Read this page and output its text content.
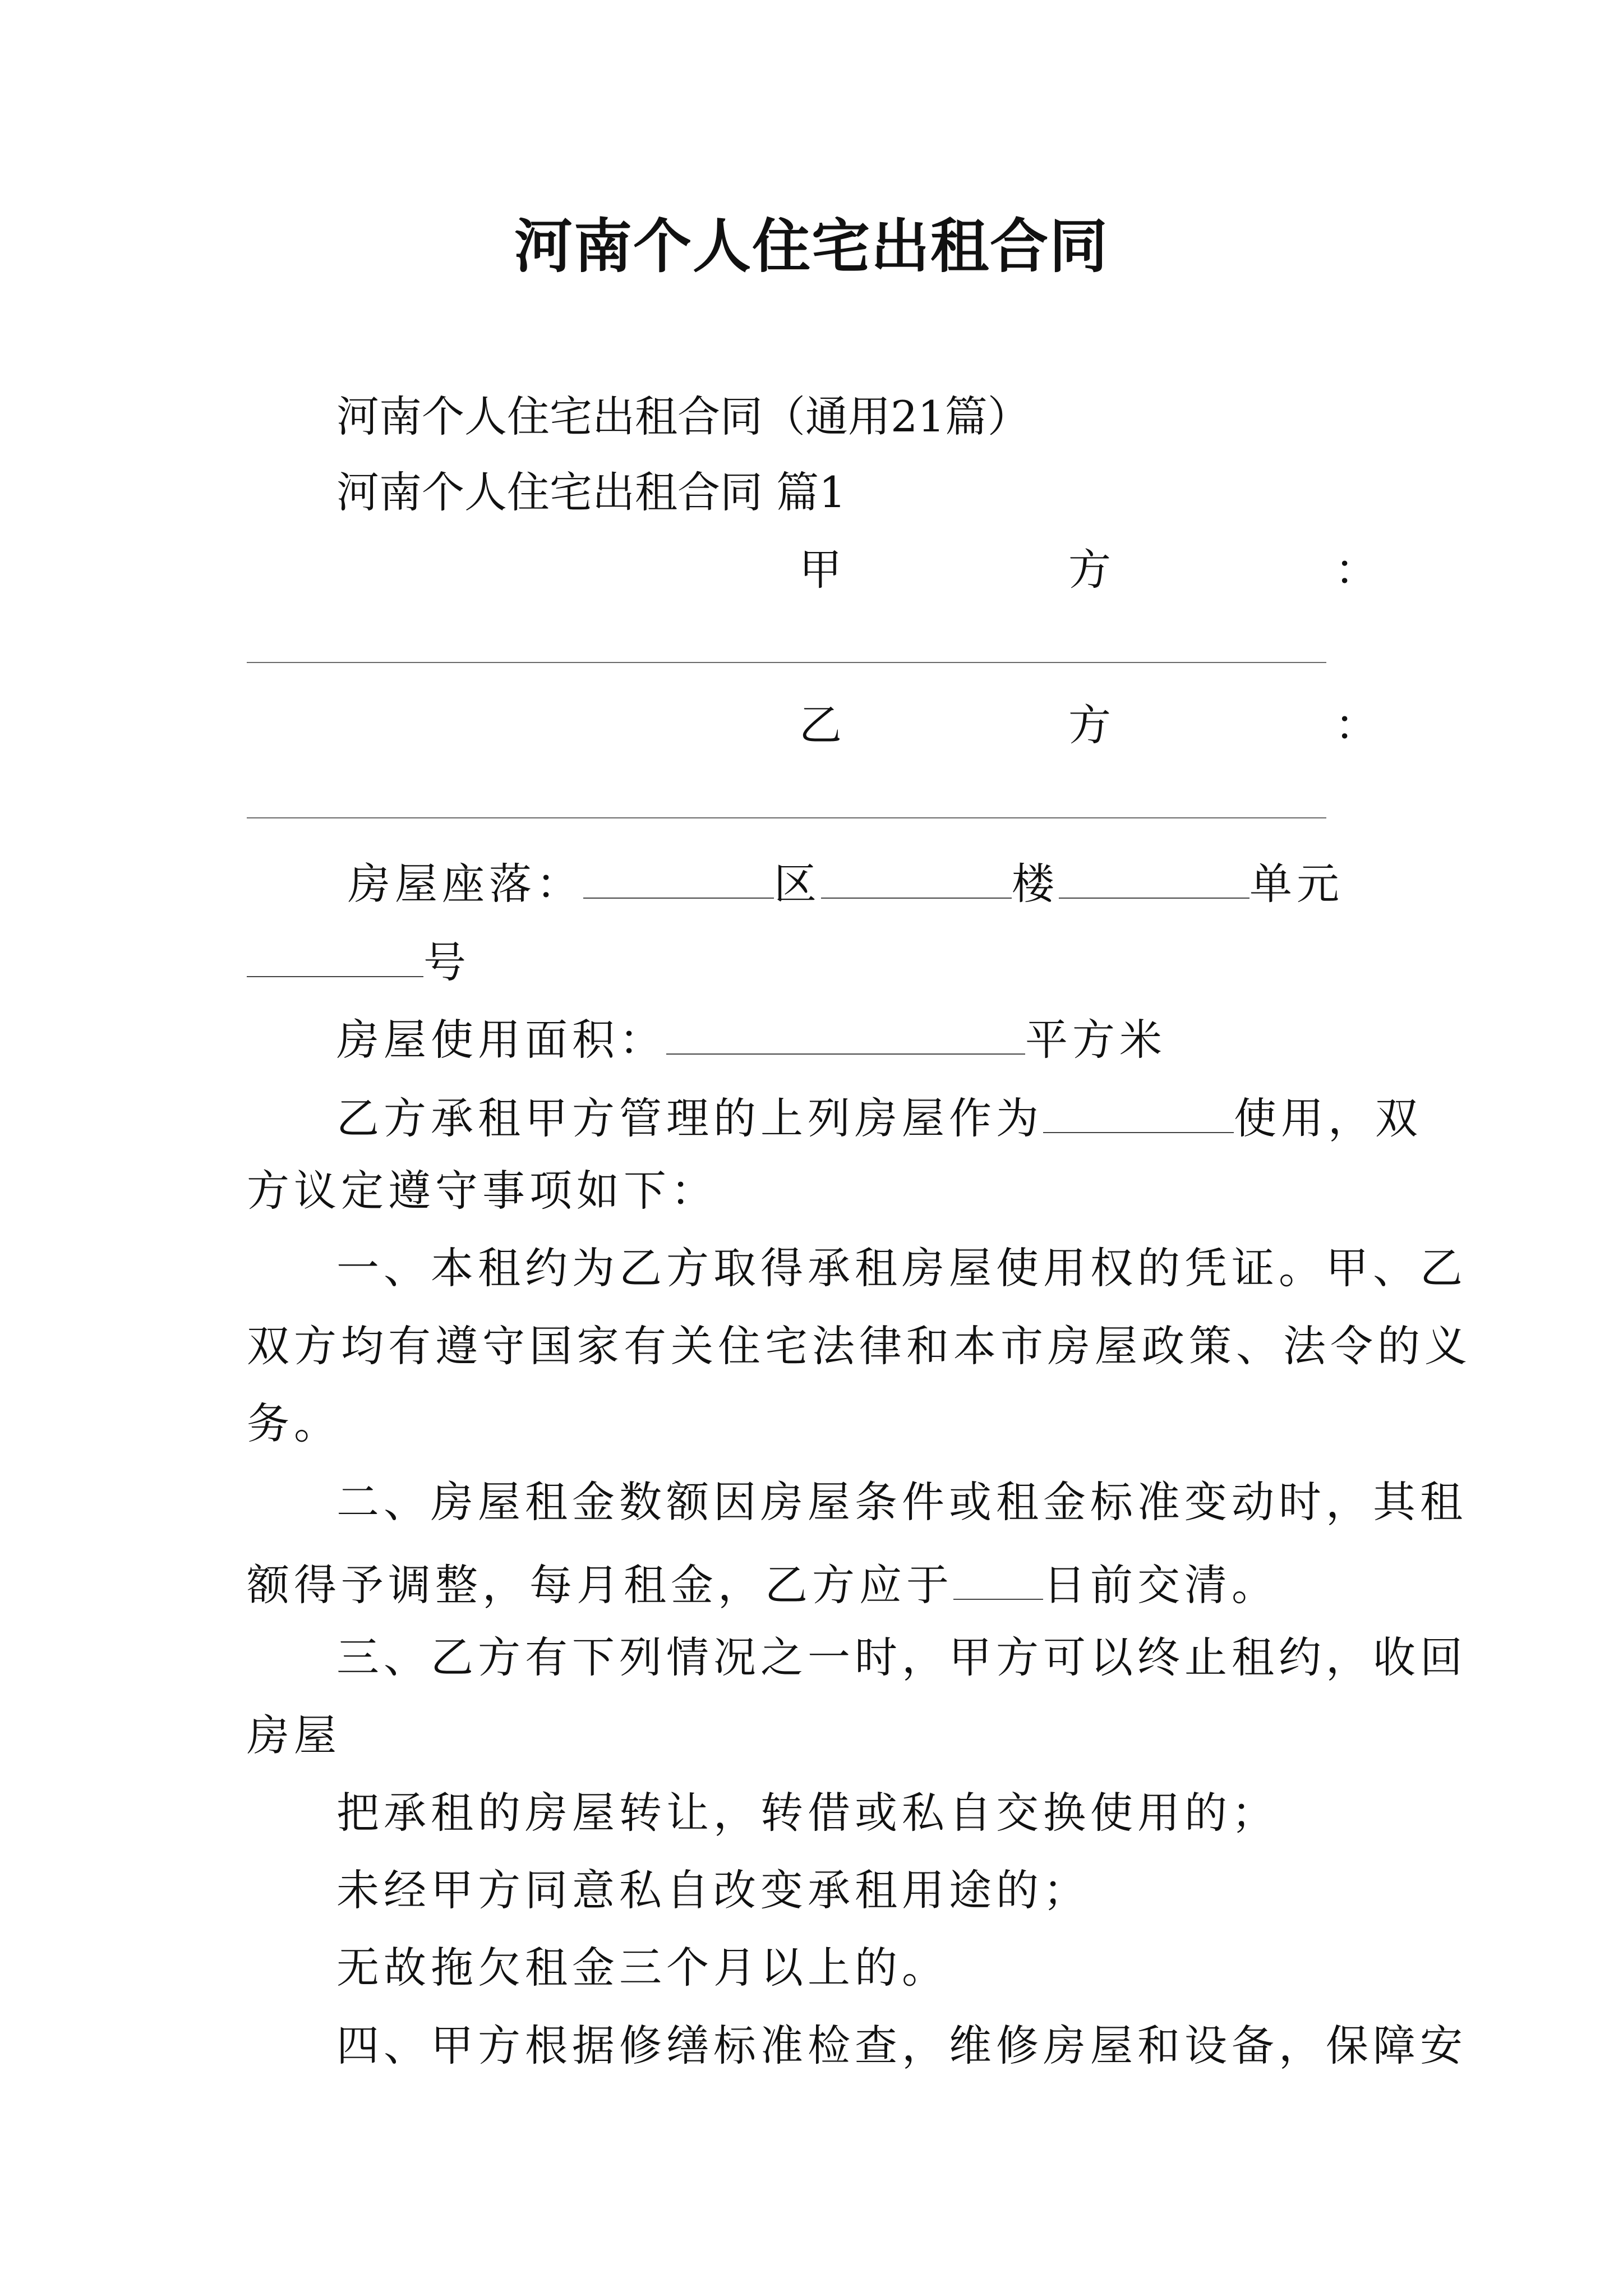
河南个人住宅出租合同
河南个人住宅出租合同（通用21篇）
河南个人住宅出租合同 篇1
甲	方	：
乙	方	：
房屋座落：	区	楼	单元
号
房屋使用面积：	平方米
乙方承租甲方管理的上列房屋作为	使用，双
方议定遵守事项如下：
一、本租约为乙方取得承租房屋使用权的凭证。甲、乙
双方均有遵守国家有关住宅法律和本市房屋政策、法令的义
务。
二、房屋租金数额因房屋条件或租金标准变动时，其租
额得予调整，每月租金，乙方应于 日前交清。
三、乙方有下列情况之一时，甲方可以终止租约，收回
房屋
把承租的房屋转让，转借或私自交换使用的；
未经甲方同意私自改变承租用途的；
无故拖欠租金三个月以上的。
四、甲方根据修缮标准检查，维修房屋和设备，保障安
